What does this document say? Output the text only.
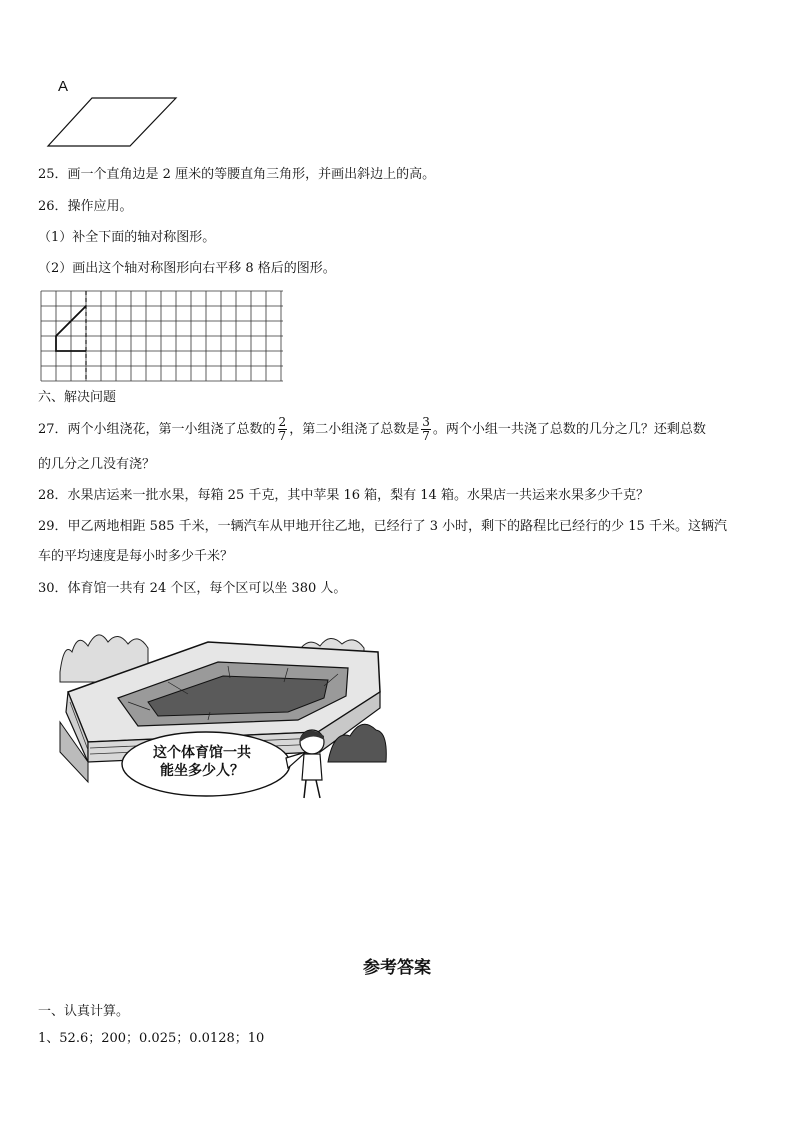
A
25．画一个直角边是 2 厘米的等腰直角三角形，并画出斜边上的高。
26．操作应用。
（1）补全下面的轴对称图形。
（2）画出这个轴对称图形向右平移 8 格后的图形。
六、解决问题
27．两个小组浇花，第一小组浇了总数的 $\frac{2}{7}$ ，第二小组浇了总数是 $\frac{3}{7}$ 。两个小组一共浇了总数的几分之几？还剩总数
的几分之几没有浇？
28．水果店运来一批水果，每箱 25 千克，其中苹果 16 箱，梨有 14 箱。水果店一共运来水果多少千克？
29．甲乙两地相距 585 千米，一辆汽车从甲地开往乙地，已经行了 3 小时，剩下的路程比已经行的少 15 千米。这辆汽
车的平均速度是每小时多少千米？
30．体育馆一共有 24 个区，每个区可以坐 380 人。
这个体育馆一共
能坐多少人？
参考答案
一、认真计算。
1、52.6；200；0.025；0.0128；10
